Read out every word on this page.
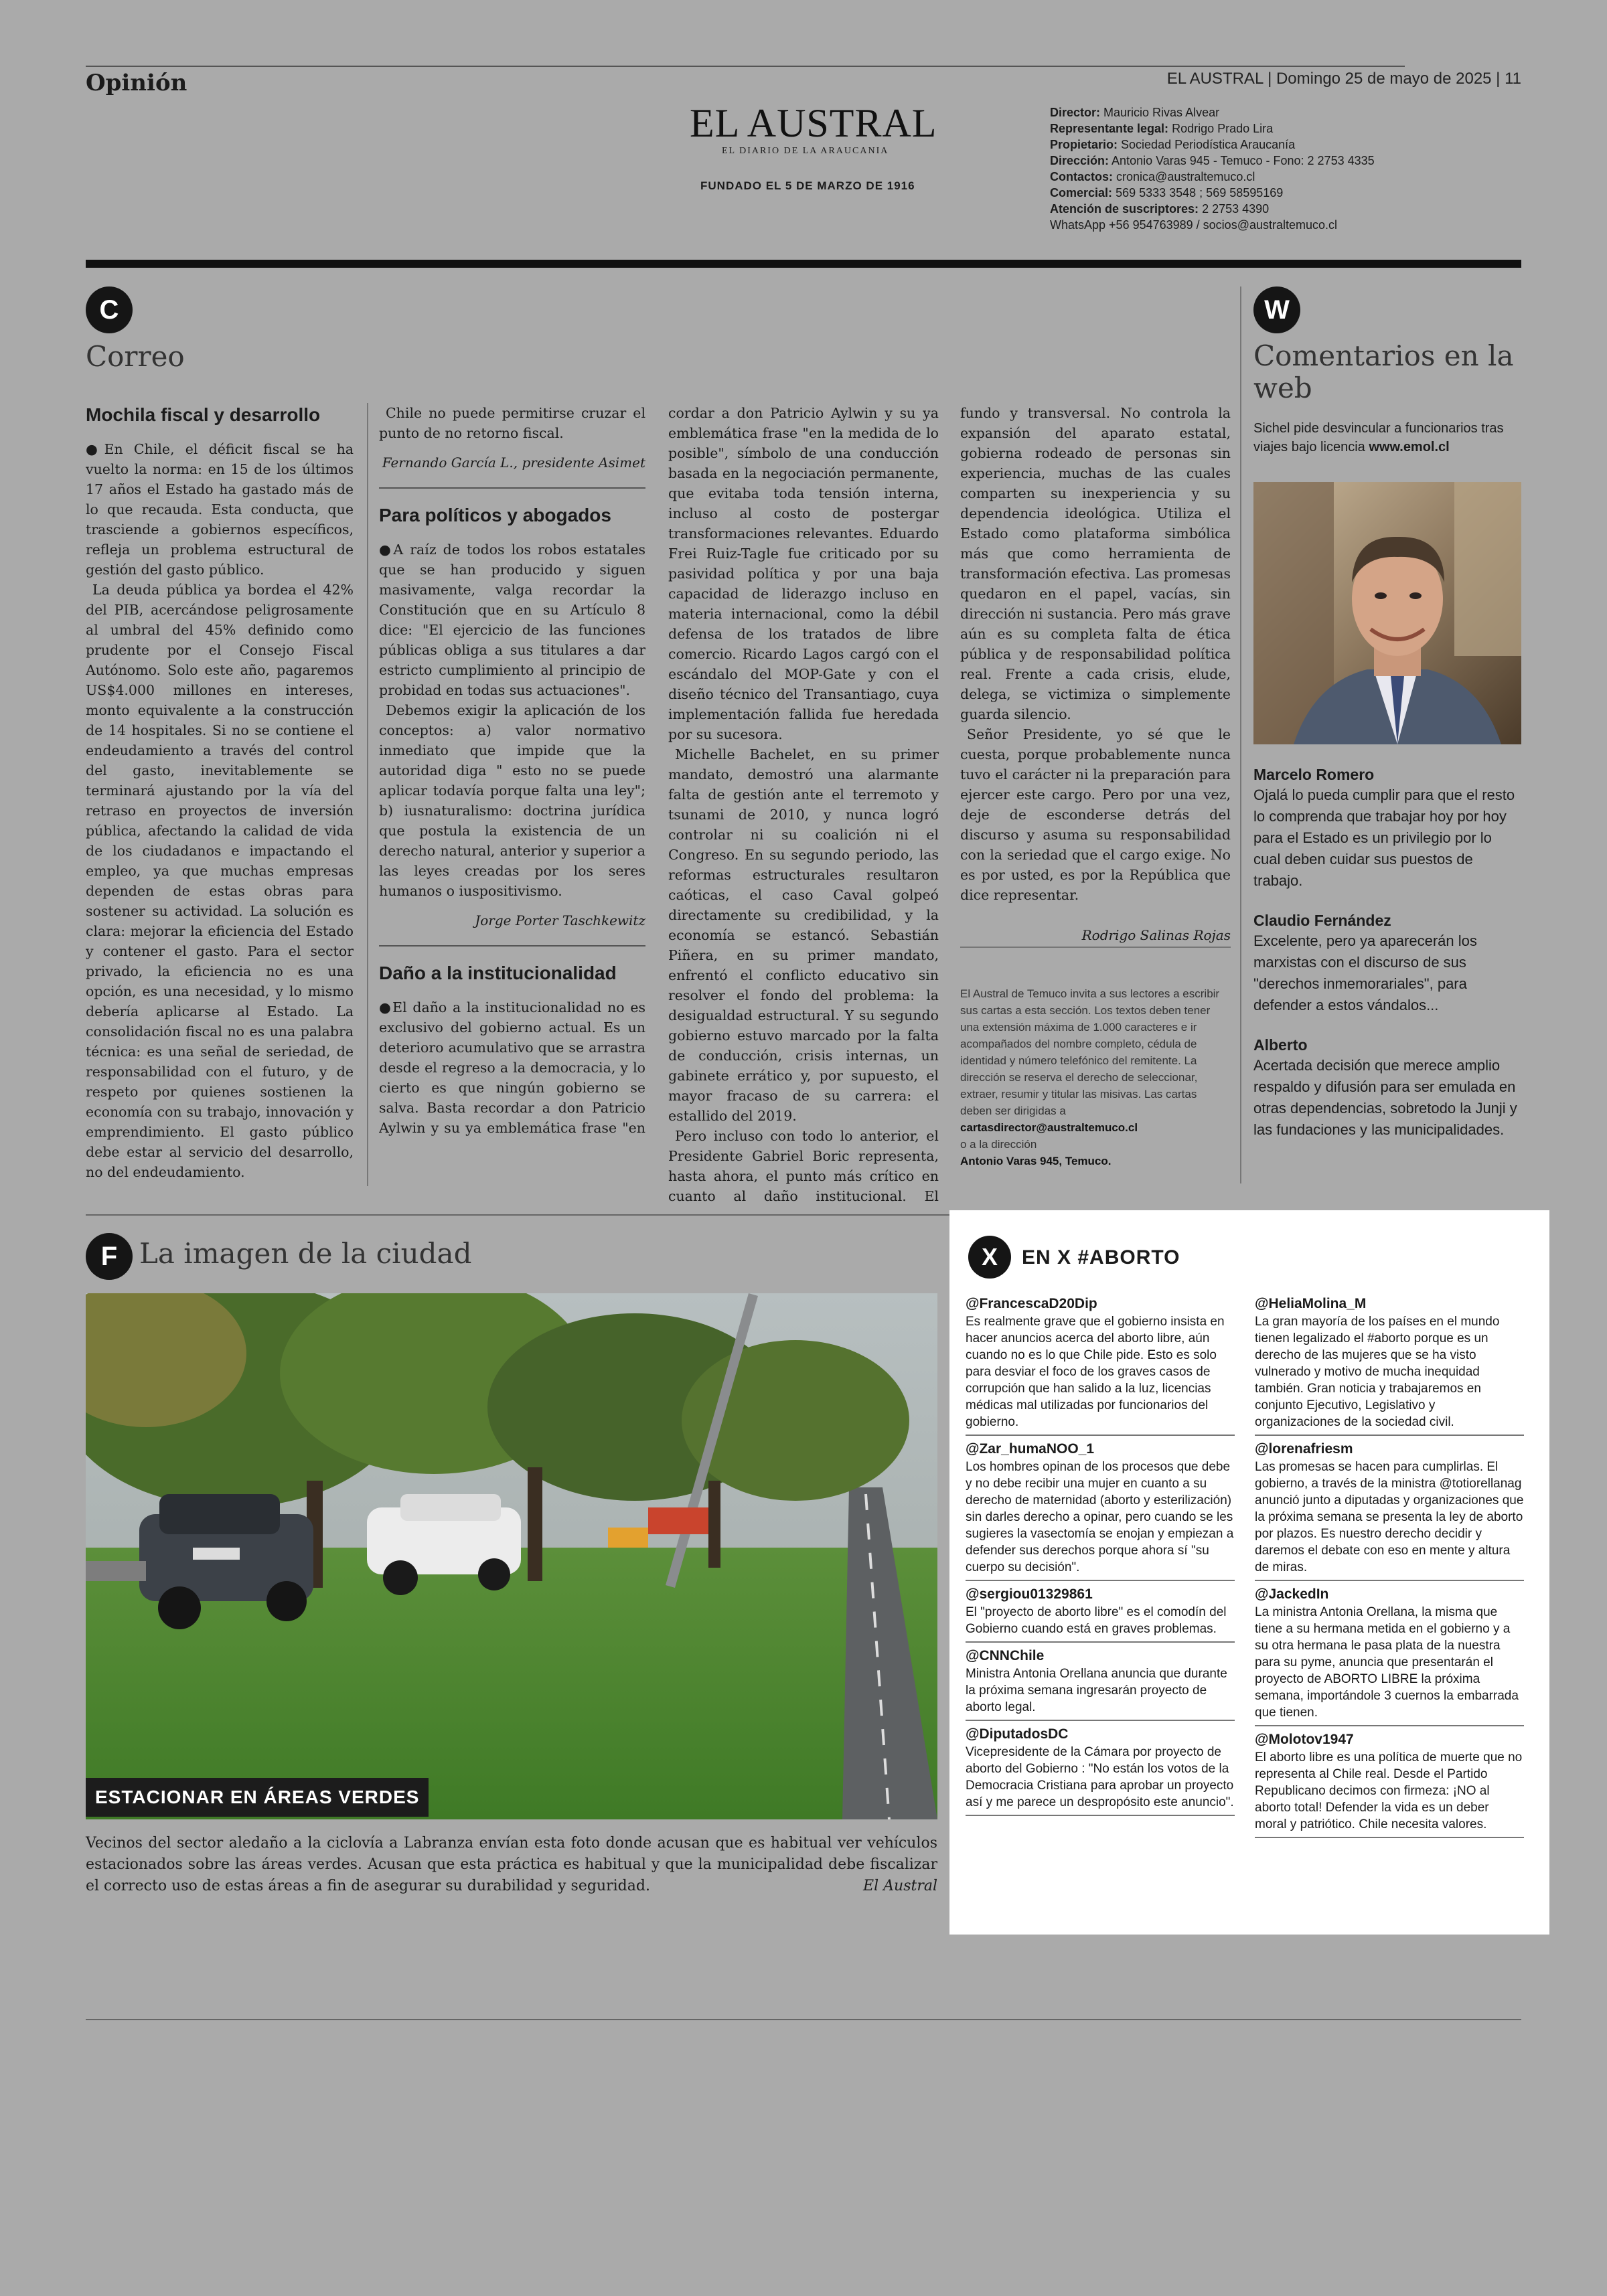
Opinión	EL AUSTRAL | Domingo 25 de mayo de 2025 | 11
EL AUSTRAL
EL DIARIO DE LA ARAUCANIA
FUNDADO EL 5 DE MARZO DE 1916
Director: Mauricio Rivas Alvear
Representante legal: Rodrigo Prado Lira
Propietario: Sociedad Periodística Araucanía
Dirección: Antonio Varas 945 - Temuco - Fono: 2 2753 4335
Contactos: cronica@australtemuco.cl
Comercial: 569 5333 3548 ; 569 58595169
Atención de suscriptores: 2 2753 4390
WhatsApp +56 954763989 / socios@australtemuco.cl
C
Correo
Mochila fiscal y desarrollo

●En Chile, el déficit fiscal se ha vuelto la norma: en 15 de los últimos 17 años el Estado ha gastado más de lo que recauda. Esta conducta, que trasciende a gobiernos específicos, refleja un problema estructural de gestión del gasto público.

La deuda pública ya bordea el 42% del PIB, acercándose peligrosamente al umbral del 45% definido como prudente por el Consejo Fiscal Autónomo. Solo este año, pagaremos US$4.000 millones en intereses, monto equivalente a la construcción de 14 hospitales. Si no se contiene el endeudamiento a través del control del gasto, inevitablemente se terminará ajustando por la vía del retraso en proyectos de inversión pública, afectando la calidad de vida de los ciudadanos e impactando el empleo, ya que muchas empresas dependen de estas obras para sostener su actividad. La solución es clara: mejorar la eficiencia del Estado y contener el gasto. Para el sector privado, la eficiencia no es una opción, es una necesidad, y lo mismo debería aplicarse al Estado. La consolidación fiscal no es una palabra técnica: es una señal de seriedad, de responsabilidad con el futuro, y de respeto por quienes sostienen la economía con su trabajo, innovación y emprendimiento. El gasto público debe estar al servicio del desarrollo, no del endeudamiento.

Chile no puede permitirse cruzar el punto de no retorno fiscal.

Fernando García L., presidente Asimet
Para políticos y abogados

●A raíz de todos los robos estatales que se han producido y siguen masivamente, valga recordar la Constitución que en su Artículo 8 dice: "El ejercicio de las funciones públicas obliga a sus titulares a dar estricto cumplimiento al principio de probidad en todas sus actuaciones".

Debemos exigir la aplicación de los conceptos: a) valor normativo inmediato que impide que la autoridad diga " esto no se puede aplicar todavía porque falta una ley"; b) iusnaturalismo: doctrina jurídica que postula la existencia de un derecho natural, anterior y superior a las leyes creadas por los seres humanos o iuspositivismo.

Jorge Porter Taschkewitz
Daño a la institucionalidad

●El daño a la institucionalidad no es exclusivo del gobierno actual. Es un deterioro acumulativo que se arrastra desde el regreso a la democracia, y lo cierto es que ningún gobierno se salva. Basta recordar a don Patricio Aylwin y su ya emblemática frase "en

cordar a don Patricio Aylwin y su ya emblemática frase "en la medida de lo posible", símbolo de una conducción basada en la negociación permanente, que evitaba toda tensión interna, incluso al costo de postergar transformaciones relevantes. Eduardo Frei Ruiz-Tagle fue criticado por su pasividad política y por una baja capacidad de liderazgo incluso en materia internacional, como la débil defensa de los tratados de libre comercio. Ricardo Lagos cargó con el escándalo del MOP-Gate y con el diseño técnico del Transantiago, cuya implementación fallida fue heredada por su sucesora.

Michelle Bachelet, en su primer mandato, demostró una alarmante falta de gestión ante el terremoto y tsunami de 2010, y nunca logró controlar ni su coalición ni el Congreso. En su segundo periodo, las reformas estructurales resultaron caóticas, el caso Caval golpeó directamente su credibilidad, y la economía se estancó. Sebastián Piñera, en su primer mandato, enfrentó el conflicto educativo sin resolver el fondo del problema: la desigualdad estructural. Y su segundo gobierno estuvo marcado por la falta de conducción, crisis internas, un gabinete errático y, por supuesto, el mayor fracaso de su carrera: el estallido del 2019.

Pero incluso con todo lo anterior, el Presidente Gabriel Boric representa, hasta ahora, el punto más crítico en cuanto al daño institucional. El

fundo y transversal. No controla la expansión del aparato estatal, gobierna rodeado de personas sin experiencia, muchas de las cuales comparten su inexperiencia y su dependencia ideológica. Utiliza el Estado como plataforma simbólica más que como herramienta de transformación efectiva. Las promesas quedaron en el papel, vacías, sin dirección ni sustancia. Pero más grave aún es su completa falta de ética pública y de responsabilidad política real. Frente a cada crisis, elude, delega, se victimiza o simplemente guarda silencio.

Señor Presidente, yo sé que le cuesta, porque probablemente nunca tuvo el carácter ni la preparación para ejercer este cargo. Pero por una vez, deje de esconderse detrás del discurso y asuma su responsabilidad con la seriedad que el cargo exige. No es por usted, es por la República que dice representar.

Rodrigo Salinas Rojas
El Austral de Temuco invita a sus lectores a escribir sus cartas a esta sección. Los textos deben tener una extensión máxima de 1.000 caracteres e ir acompañados del nombre completo, cédula de identidad y número telefónico del remitente. La dirección se reserva el derecho de seleccionar, extraer, resumir y titular las misivas. Las cartas deben ser dirigidas a
cartasdirector@australtemuco.cl
o a la dirección
Antonio Varas 945, Temuco.
W
Comentarios en la web
Sichel pide desvincular a funcionarios tras viajes bajo licencia www.emol.cl
Marcelo Romero
Ojalá lo pueda cumplir para que el resto lo comprenda que trabajar hoy por hoy para el Estado es un privilegio por lo cual deben cuidar sus puestos de trabajo.
Claudio Fernández
Excelente, pero ya aparecerán los marxistas con el discurso de sus "derechos inmemorariales", para defender a estos vándalos...
Alberto
Acertada decisión que merece amplio respaldo y difusión para ser emulada en otras dependencias, sobretodo la Junji y las fundaciones y las municipalidades.
F La imagen de la ciudad
ESTACIONAR EN ÁREAS VERDES
Vecinos del sector aledaño a la ciclovía a Labranza envían esta foto donde acusan que es habitual ver vehículos estacionados sobre las áreas verdes. Acusan que esta práctica es habitual y que la municipalidad debe fiscalizar el correcto uso de estas áreas a fin de asegurar su durabilidad y seguridad.	El Austral
X	EN X #ABORTO
@FrancescaD20Dip
Es realmente grave que el gobierno insista en hacer anuncios acerca del aborto libre, aún cuando no es lo que Chile pide. Esto es solo para desviar el foco de los graves casos de corrupción que han salido a la luz, licencias médicas mal utilizadas por funcionarios del gobierno.
@Zar_humaNOO_1
Los hombres opinan de los procesos que debe y no debe recibir una mujer en cuanto a su derecho de maternidad (aborto y esterilización) sin darles derecho a opinar, pero cuando se les sugieres la vasectomía se enojan y empiezan a defender sus derechos porque ahora sí "su cuerpo su decisión".
@sergiou01329861
El "proyecto de aborto libre" es el comodín del Gobierno cuando está en graves problemas.
@CNNChile
Ministra Antonia Orellana anuncia que durante la próxima semana ingresarán proyecto de aborto legal.
@DiputadosDC
Vicepresidente de la Cámara por proyecto de aborto del Gobierno : "No están los votos de la Democracia Cristiana para aprobar un proyecto así y me parece un despropósito este anuncio".
@HeliaMolina_M
La gran mayoría de los países en el mundo tienen legalizado el #aborto porque es un derecho de las mujeres que se ha visto vulnerado y motivo de mucha inequidad también. Gran noticia y trabajaremos en conjunto Ejecutivo, Legislativo y organizaciones de la sociedad civil.
@lorenafriesm
Las promesas se hacen para cumplirlas. El gobierno, a través de la ministra @totiorellanag anunció junto a diputadas y organizaciones que la próxima semana se presenta la ley de aborto por plazos. Es nuestro derecho decidir y daremos el debate con eso en mente y altura de miras.
@JackedIn
La ministra Antonia Orellana, la misma que tiene a su hermana metida en el gobierno y a su otra hermana le pasa plata de la nuestra para su pyme, anuncia que presentarán el proyecto de ABORTO LIBRE la próxima semana, importándole 3 cuernos la embarrada que tienen.
@Molotov1947
El aborto libre es una política de muerte que no representa al Chile real. Desde el Partido Republicano decimos con firmeza: ¡NO al aborto total! Defender la vida es un deber moral y patriótico. Chile necesita valores.
